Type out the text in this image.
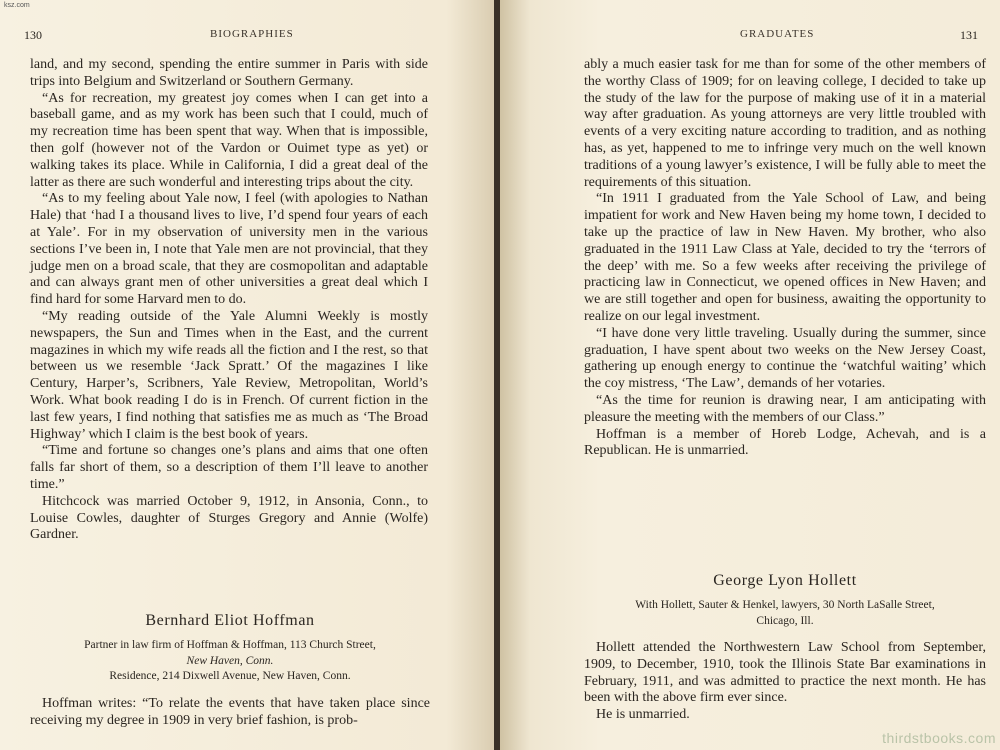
ksz.com
130	BIOGRAPHIES

land, and my second, spending the entire summer in Paris with side trips into Belgium and Switzerland or Southern Germany.

“As for recreation, my greatest joy comes when I can get into a baseball game, and as my work has been such that I could, much of my recreation time has been spent that way. When that is impossible, then golf (however not of the Vardon or Ouimet type as yet) or walking takes its place. While in California, I did a great deal of the latter as there are such wonderful and interesting trips about the city.

“As to my feeling about Yale now, I feel (with apologies to Nathan Hale) that ‘had I a thousand lives to live, I’d spend four years of each at Yale’. For in my observation of university men in the various sections I’ve been in, I note that Yale men are not provincial, that they judge men on a broad scale, that they are cosmopolitan and adaptable and can always grant men of other universities a great deal which I find hard for some Harvard men to do.

“My reading outside of the Yale Alumni Weekly is mostly newspapers, the Sun and Times when in the East, and the current magazines in which my wife reads all the fiction and I the rest, so that between us we resemble ‘Jack Spratt.’ Of the magazines I like Century, Harper’s, Scribners, Yale Review, Metropolitan, World’s Work. What book reading I do is in French. Of current fiction in the last few years, I find nothing that satisfies me as much as ‘The Broad Highway’ which I claim is the best book of years.

“Time and fortune so changes one’s plans and aims that one often falls far short of them, so a description of them I’ll leave to another time.”

Hitchcock was married October 9, 1912, in Ansonia, Conn., to Louise Cowles, daughter of Sturges Gregory and Annie (Wolfe) Gardner.

Bernhard Eliot Hoffman

Partner in law firm of Hoffman & Hoffman, 113 Church Street,

New Haven, Conn.

Residence, 214 Dixwell Avenue, New Haven, Conn.

Hoffman writes: “To relate the events that have taken place since receiving my degree in 1909 in very brief fashion, is prob-

GRADUATES	131

ably a much easier task for me than for some of the other members of the worthy Class of 1909; for on leaving college, I decided to take up the study of the law for the purpose of making use of it in a material way after graduation. As young attorneys are very little troubled with events of a very exciting nature according to tradition, and as nothing has, as yet, happened to me to infringe very much on the well known traditions of a young lawyer’s existence, I will be fully able to meet the requirements of this situation.

“In 1911 I graduated from the Yale School of Law, and being impatient for work and New Haven being my home town, I decided to take up the practice of law in New Haven. My brother, who also graduated in the 1911 Law Class at Yale, decided to try the ‘terrors of the deep’ with me. So a few weeks after receiving the privilege of practicing law in Connecticut, we opened offices in New Haven; and we are still together and open for business, awaiting the opportunity to realize on our legal investment.

“I have done very little traveling. Usually during the summer, since graduation, I have spent about two weeks on the New Jersey Coast, gathering up enough energy to continue the ‘watchful waiting’ which the coy mistress, ‘The Law’, demands of her votaries.

“As the time for reunion is drawing near, I am anticipating with pleasure the meeting with the members of our Class.”

Hoffman is a member of Horeb Lodge, Achevah, and is a Republican. He is unmarried.

George Lyon Hollett

With Hollett, Sauter & Henkel, lawyers, 30 North LaSalle Street,

Chicago, Ill.

Hollett attended the Northwestern Law School from September, 1909, to December, 1910, took the Illinois State Bar examinations in February, 1911, and was admitted to practice the next month. He has been with the above firm ever since.

He is unmarried.

thirdstbooks.com
